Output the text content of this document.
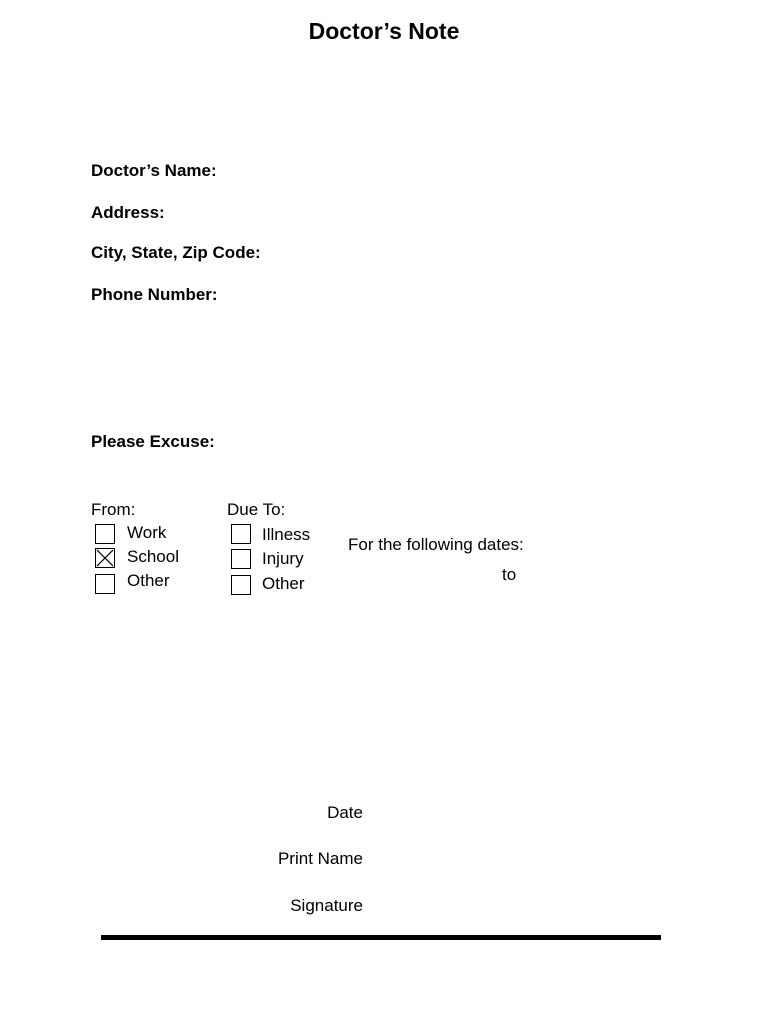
Doctor’s Note
Doctor’s Name:
Address:
City, State, Zip Code:
Phone Number:
Please Excuse:
From:
Work
School
Other
Due To:
Illness
Injury
Other
For the following dates:
to
Date
Print Name
Signature
